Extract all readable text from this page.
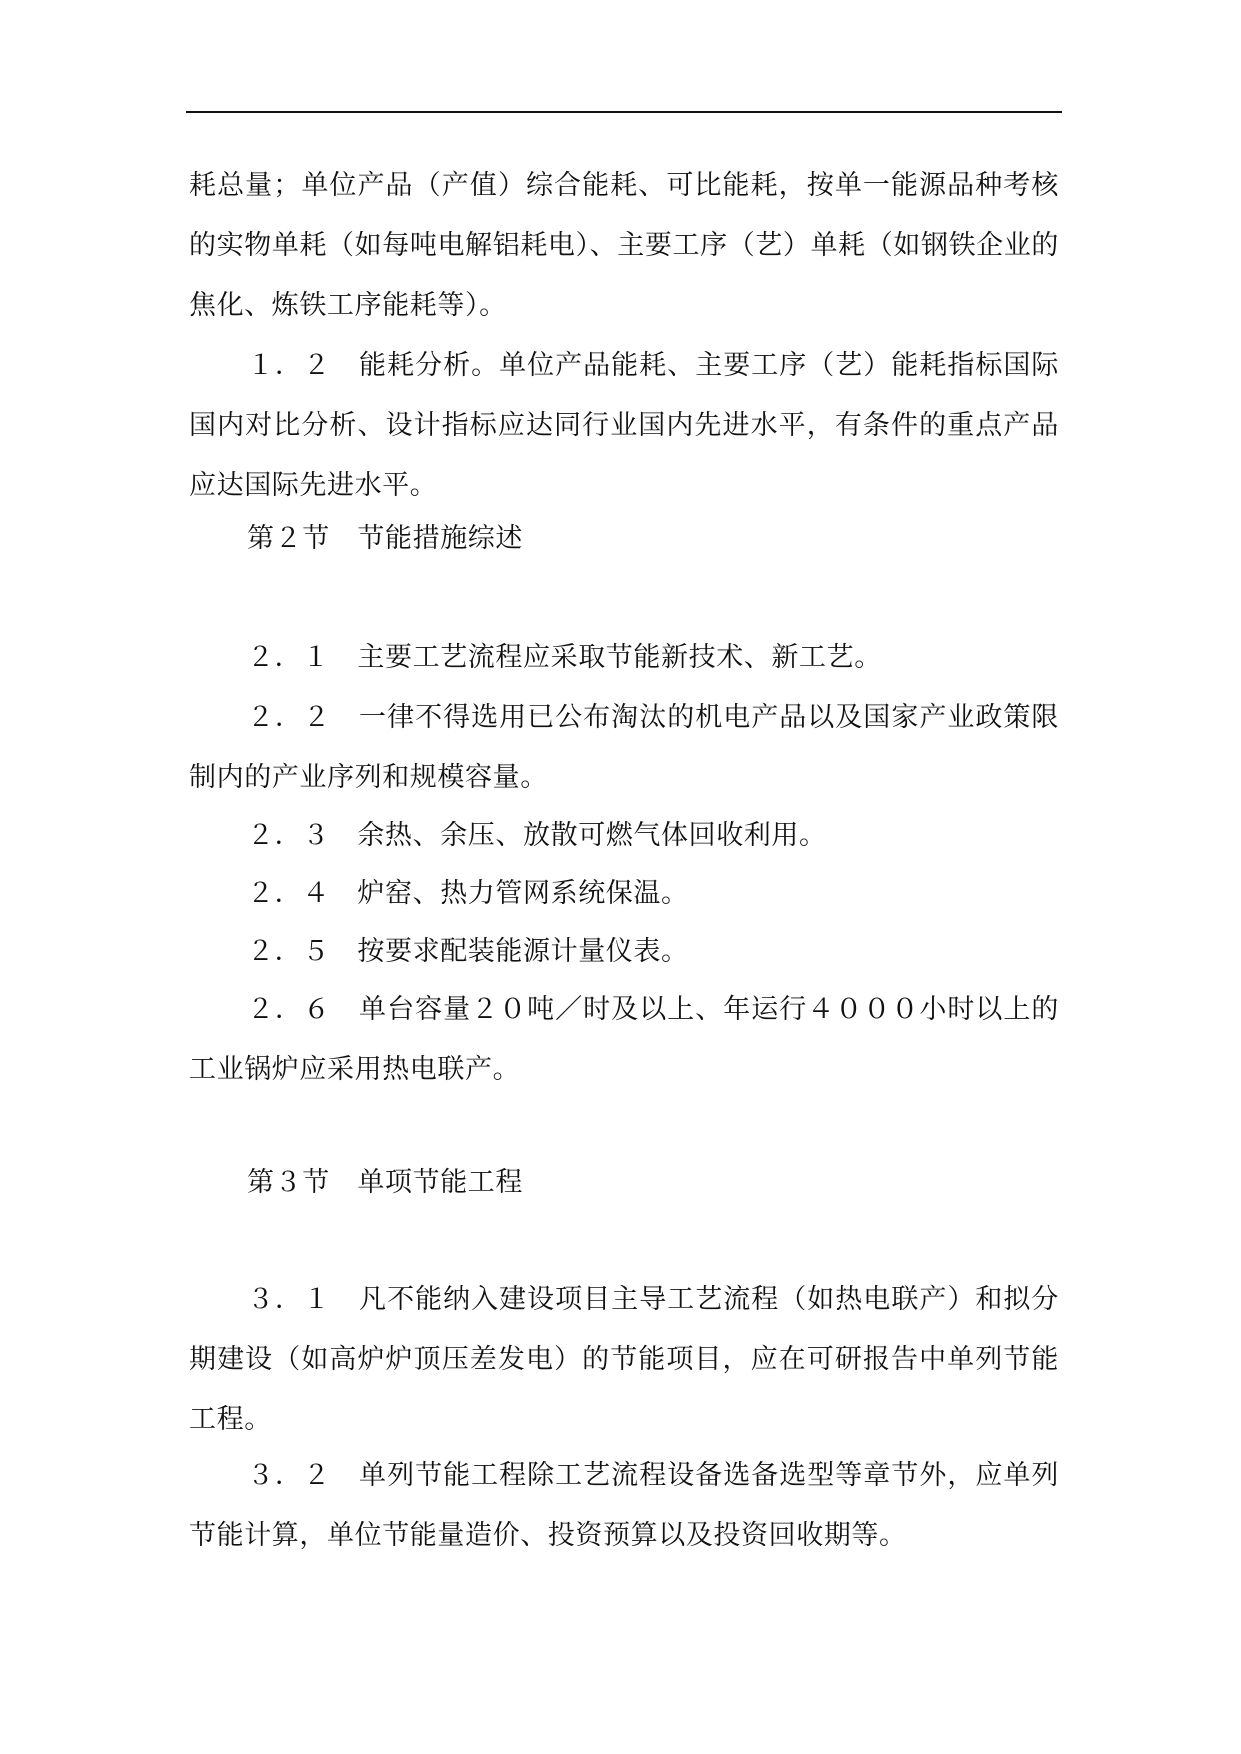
耗总量；单位产品（产值）综合能耗、可比能耗，按单一能源品种考核的实物单耗（如每吨电解铝耗电）、主要工序（艺）单耗（如钢铁企业的焦化、炼铁工序能耗等）。

１．２　能耗分析。单位产品能耗、主要工序（艺）能耗指标国际国内对比分析、设计指标应达同行业国内先进水平，有条件的重点产品应达国际先进水平。

第２节　节能措施综述

２．１　主要工艺流程应采取节能新技术、新工艺。

２．２　一律不得选用已公布淘汰的机电产品以及国家产业政策限制内的产业序列和规模容量。

２．３　余热、余压、放散可燃气体回收利用。

２．４　炉窑、热力管网系统保温。

２．５　按要求配装能源计量仪表。

２．６　单台容量２０吨／时及以上、年运行４０００小时以上的工业锅炉应采用热电联产。

第３节　单项节能工程

３．１　凡不能纳入建设项目主导工艺流程（如热电联产）和拟分期建设（如高炉炉顶压差发电）的节能项目，应在可研报告中单列节能工程。

３．２　单列节能工程除工艺流程设备选备选型等章节外，应单列节能计算，单位节能量造价、投资预算以及投资回收期等。
